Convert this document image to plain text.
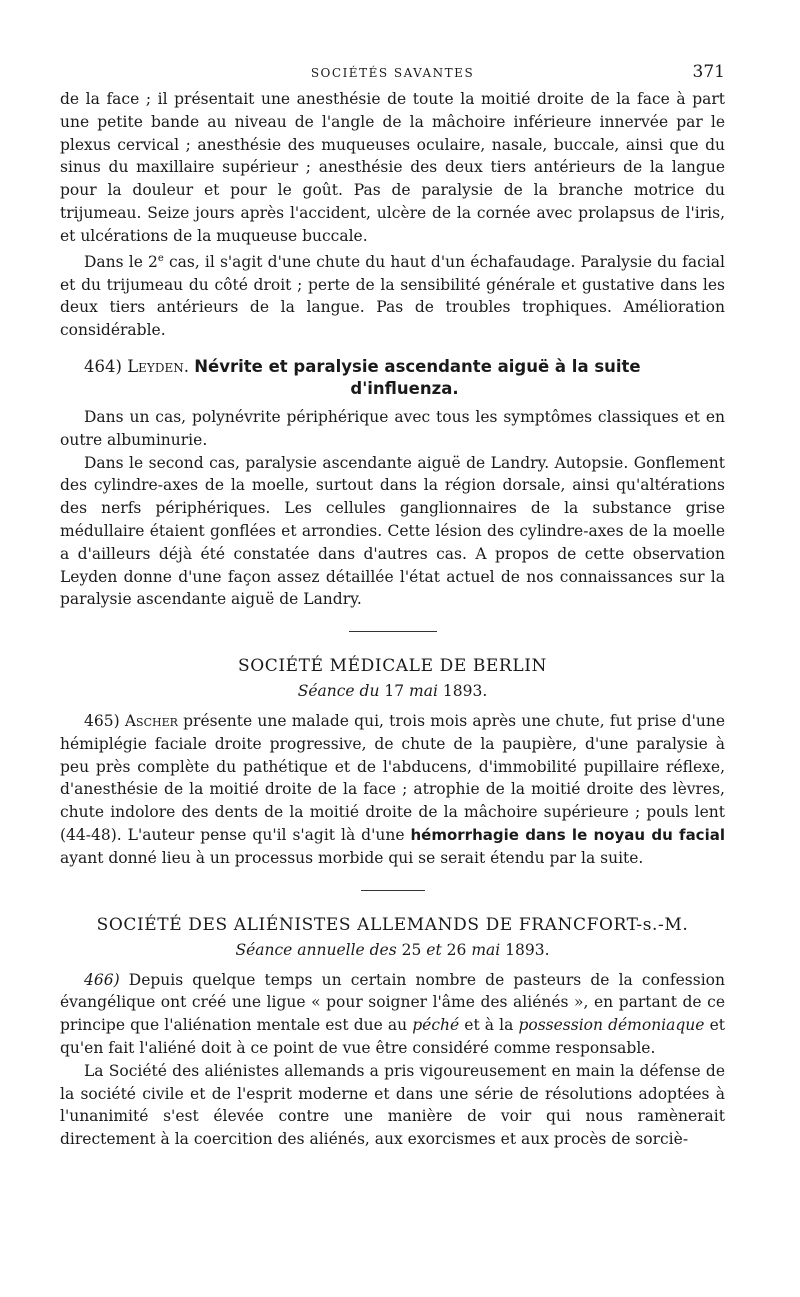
SOCIÉTÉS SAVANTES	371

de la face ; il présentait une anesthésie de toute la moitié droite de la face à part une petite bande au niveau de l'angle de la mâchoire inférieure innervée par le plexus cervical ; anesthésie des muqueuses oculaire, nasale, buccale, ainsi que du sinus du maxillaire supérieur ; anesthésie des deux tiers antérieurs de la langue pour la douleur et pour le goût. Pas de paralysie de la branche motrice du trijumeau. Seize jours après l'accident, ulcère de la cornée avec prolapsus de l'iris, et ulcérations de la muqueuse buccale.

Dans le 2e cas, il s'agit d'une chute du haut d'un échafaudage. Paralysie du facial et du trijumeau du côté droit ; perte de la sensibilité générale et gustative dans les deux tiers antérieurs de la langue. Pas de troubles trophiques. Amélioration considérable.

464) Leyden. Névrite et paralysie ascendante aiguë à la suite
d'influenza.

Dans un cas, polynévrite périphérique avec tous les symptômes classiques et en outre albuminurie.

Dans le second cas, paralysie ascendante aiguë de Landry. Autopsie. Gonflement des cylindre-axes de la moelle, surtout dans la région dorsale, ainsi qu'altérations des nerfs périphériques. Les cellules ganglionnaires de la substance grise médullaire étaient gonflées et arrondies. Cette lésion des cylindre-axes de la moelle a d'ailleurs déjà été constatée dans d'autres cas. A propos de cette observation Leyden donne d'une façon assez détaillée l'état actuel de nos connaissances sur la paralysie ascendante aiguë de Landry.

SOCIÉTÉ MÉDICALE DE BERLIN
Séance du 17 mai 1893.

465) Ascher présente une malade qui, trois mois après une chute, fut prise d'une hémiplégie faciale droite progressive, de chute de la paupière, d'une paralysie à peu près complète du pathétique et de l'abducens, d'immobilité pupillaire réflexe, d'anesthésie de la moitié droite de la face ; atrophie de la moitié droite des lèvres, chute indolore des dents de la moitié droite de la mâchoire supérieure ; pouls lent (44-48). L'auteur pense qu'il s'agit là d'une hémorrhagie dans le noyau du facial ayant donné lieu à un processus morbide qui se serait étendu par la suite.

SOCIÉTÉ DES ALIÉNISTES ALLEMANDS DE FRANCFORT-s.-M.
Séance annuelle des 25 et 26 mai 1893.

466) Depuis quelque temps un certain nombre de pasteurs de la confession évangélique ont créé une ligue « pour soigner l'âme des aliénés », en partant de ce principe que l'aliénation mentale est due au péché et à la possession démoniaque et qu'en fait l'aliéné doit à ce point de vue être considéré comme responsable.

La Société des aliénistes allemands a pris vigoureusement en main la défense de la société civile et de l'esprit moderne et dans une série de résolutions adoptées à l'unanimité s'est élevée contre une manière de voir qui nous ramènerait directement à la coercition des aliénés, aux exorcismes et aux procès de sorciè-
